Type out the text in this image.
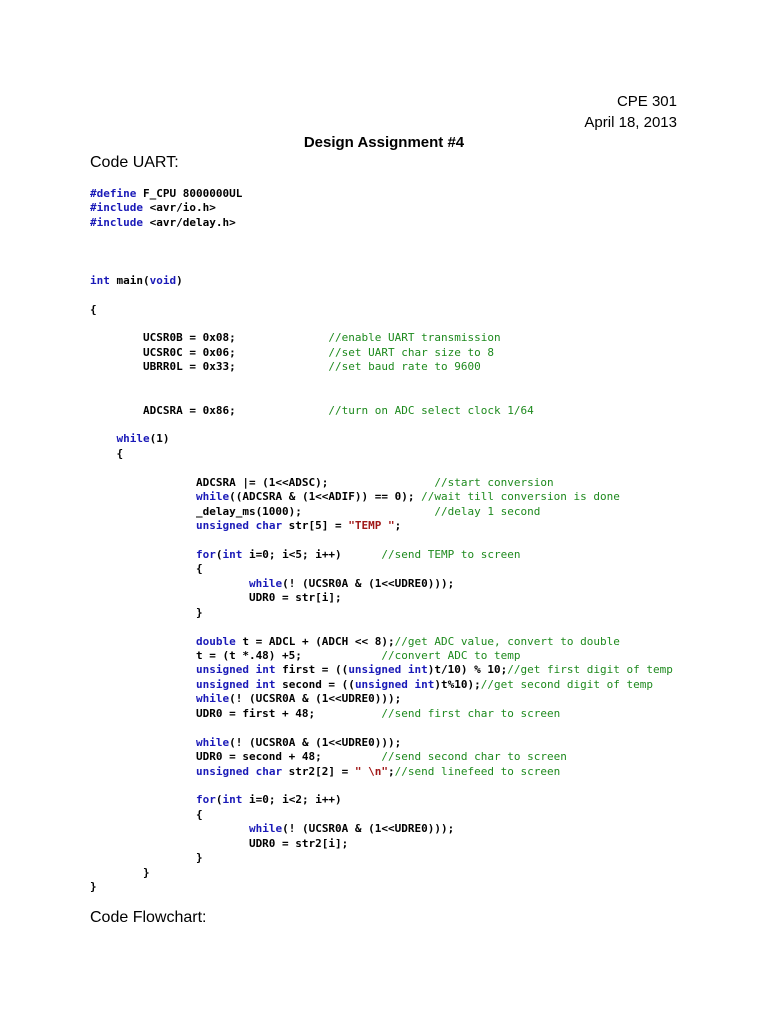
CPE 301
April 18, 2013
Design Assignment #4
Code UART:
#define F_CPU 8000000UL
#include <avr/io.h>
#include <avr/delay.h>

int main(void)

{

UCSR0B = 0x08;              //enable UART transmission
UCSR0C = 0x06;              //set UART char size to 8
UBRR0L = 0x33;              //set baud rate to 9600

ADCSRA = 0x86;              //turn on ADC select clock 1/64

while(1)
{

ADCSRA |= (1<<ADSC);                //start conversion
while((ADCSRA & (1<<ADIF)) == 0); //wait till conversion is done
_delay_ms(1000);                    //delay 1 second
unsigned char str[5] = "TEMP ";

for(int i=0; i<5; i++)      //send TEMP to screen
{
while(! (UCSR0A & (1<<UDRE0)));
UDR0 = str[i];
}

double t = ADCL + (ADCH << 8);//get ADC value, convert to double
t = (t *.48) +5;            //convert ADC to temp
unsigned int first = ((unsigned int)t/10) % 10;//get first digit of temp
unsigned int second = ((unsigned int)t%10);//get second digit of temp
while(! (UCSR0A & (1<<UDRE0)));
UDR0 = first + 48;          //send first char to screen

while(! (UCSR0A & (1<<UDRE0)));
UDR0 = second + 48;         //send second char to screen
unsigned char str2[2] = " \n";//send linefeed to screen

for(int i=0; i<2; i++)
{
while(! (UCSR0A & (1<<UDRE0)));
UDR0 = str2[i];
}
}
}
Code Flowchart:
